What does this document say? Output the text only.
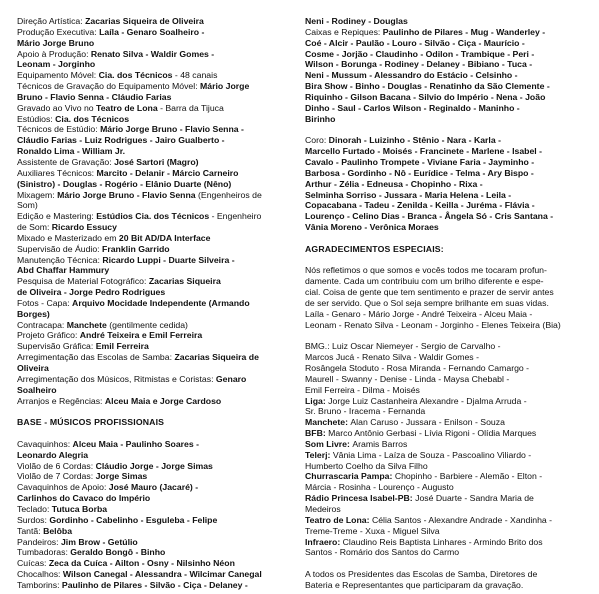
Direção Artística: Zacarias Siqueira de Oliveira
Produção Executiva: Laíla - Genaro Soalheiro -
Mário Jorge Bruno
Apoio à Produção: Renato Silva - Waldir Gomes -
Leonam - Jorginho
Equipamento Móvel: Cia. dos Técnicos - 48 canais
Técnicos de Gravação do Equipamento Móvel: Mário Jorge
Bruno - Flavio Senna - Cláudio Farias
Gravado ao Vivo no Teatro de Lona - Barra da Tijuca
Estúdios: Cia. dos Técnicos
Técnicos de Estúdio: Mário Jorge Bruno - Flavio Senna -
Cláudio Farias - Luiz Rodrigues - Jairo Gualberto -
Ronaldo Lima - William Jr.
Assistente de Gravação: José Sartori (Magro)
Auxiliares Técnicos: Marcito - Delanir - Márcio Carneiro
(Sinistro) - Douglas - Rogério - Elânio Duarte (Nêno)
Mixagem: Mário Jorge Bruno - Flavio Senna (Engenheiros de
Som)
Edição e Mastering: Estúdios Cia. dos Técnicos - Engenheiro
de Som: Ricardo Essucy
Mixado e Masterizado em 20 Bit AD/DA Interface
Supervisão de Áudio: Franklin Garrido
Manutenção Técnica: Ricardo Luppi - Duarte Silveira -
Abd Chaffar Hammury
Pesquisa de Material Fotográfico: Zacarias Siqueira
de Oliveira - Jorge Pedro Rodrigues
Fotos - Capa: Arquivo Mocidade Independente (Armando
Borges)
Contracapa: Manchete (gentilmente cedida)
Projeto Gráfico: André Teixeira e Emil Ferreira
Supervisão Gráfica: Emil Ferreira
Arregimentação das Escolas de Samba: Zacarias Siqueira de
Oliveira
Arregimentação dos Músicos, Ritmistas e Coristas: Genaro
Soalheiro
Arranjos e Regências: Alceu Maia e Jorge Cardoso
BASE - MÚSICOS PROFISSIONAIS
Cavaquinhos: Alceu Maia - Paulinho Soares -
Leonardo Alegria
Violão de 6 Cordas: Cláudio Jorge - Jorge Simas
Violão de 7 Cordas: Jorge Simas
Cavaquinhos de Apoio: José Mauro (Jacaré) -
Carlinhos do Cavaco do Império
Teclado: Tutuca Borba
Surdos: Gordinho - Cabelinho - Esguleba - Felipe
Tantã: Belôba
Pandeiros: Jim Brow - Getúlio
Tumbadoras: Geraldo Bongô - Binho
Cuícas: Zeca da Cuíca - Ailton - Osny - Nilsinho Néon
Chocalhos: Wilson Canegal - Alessandra - Wilcimar Canegal
Tamborins: Paulinho de Pilares - Silvão - Ciça - Delaney -
Neni - Rodiney - Douglas
Caixas e Repiques: Paulinho de Pilares - Mug - Wanderley -
Coé - Alcir - Paulão - Louro - Silvão - Ciça - Maurício -
Cosme - Jorjão - Claudinho - Odilon - Trambique - Peri -
Wilson - Borunga - Rodiney - Delaney - Bibiano - Tuca -
Neni - Mussum - Alessandro do Estácio - Celsinho -
Bira Show - Binho - Douglas - Renatinho da São Clemente -
Riquinho - Gilson Bacana - Silvio do Império - Nena - João
Dinho - Saul - Carlos Wilson - Reginaldo - Maninho -
Birinho
Coro: Dinorah - Luizinho - Stênio - Nara - Karla -
Marcello Furtado - Moisés - Francinete - Marlene - Isabel -
Cavalo - Paulinho Trompete - Viviane Faria - Jayminho -
Barbosa - Gordinho - Nô - Eurídice - Telma - Ary Bispo -
Arthur - Zélia - Edneusa - Chopinho - Rixa -
Selminha Sorriso - Jussara - Maria Helena - Leila -
Copacabana - Tadeu - Zenilda - Keilla - Juréma - Flávia -
Lourenço - Celino Dias - Branca - Ângela Só - Cris Santana -
Vânia Moreno - Verônica Moraes
AGRADECIMENTOS ESPECIAIS:
Nós refletimos o que somos e vocês todos me tocaram profun-
damente. Cada um contribuiu com um brilho diferente e espe-
cial. Coisa de gente que tem sentimento e prazer de servir antes
de ser servido. Que o Sol seja sempre brilhante em suas vidas.
Laíla - Genaro - Mário Jorge - André Teixeira - Alceu Maia -
Leonam - Renato Silva - Leonam - Jorginho - Elenes Teixeira (Bia)
BMG.: Luiz Oscar Niemeyer - Sergio de Carvalho -
Marcos Jucá - Renato Silva - Waldir Gomes -
Rosângela Stoduto - Rosa Miranda - Fernando Camargo -
Maurell - Swanny - Denise - Linda - Maysa Chebabl -
Emil Ferreira - Dilma - Moisés
Liga: Jorge Luiz Castanheira Alexandre - Djalma Arruda -
Sr. Bruno - Iracema - Fernanda
Manchete: Alan Caruso - Jussara - Enilson - Souza
BFB: Marco Antônio Gerbasi - Lívia Rigoni - Olídia Marques
Som Livre: Aramis Barros
Telerj: Vânia Lima - Laíza de Souza - Pascoalino Viliardo -
Humberto Coelho da Silva Filho
Churrascaria Pampa: Chopinho - Barbiere - Alemão - Elton -
Márcia - Rosinha - Lourenço - Augusto
Rádio Princesa Isabel-PB: José Duarte - Sandra Maria de
Medeiros
Teatro de Lona: Célia Santos - Alexandre Andrade - Xandinha -
Treme-Treme - Xuxa - Miguel Silva
Infraero: Claudino Reis Baptista Linhares - Armindo Brito dos
Santos - Romário dos Santos do Carmo
A todos os Presidentes das Escolas de Samba, Diretores de
Bateria e Representantes que participaram da gravação.
